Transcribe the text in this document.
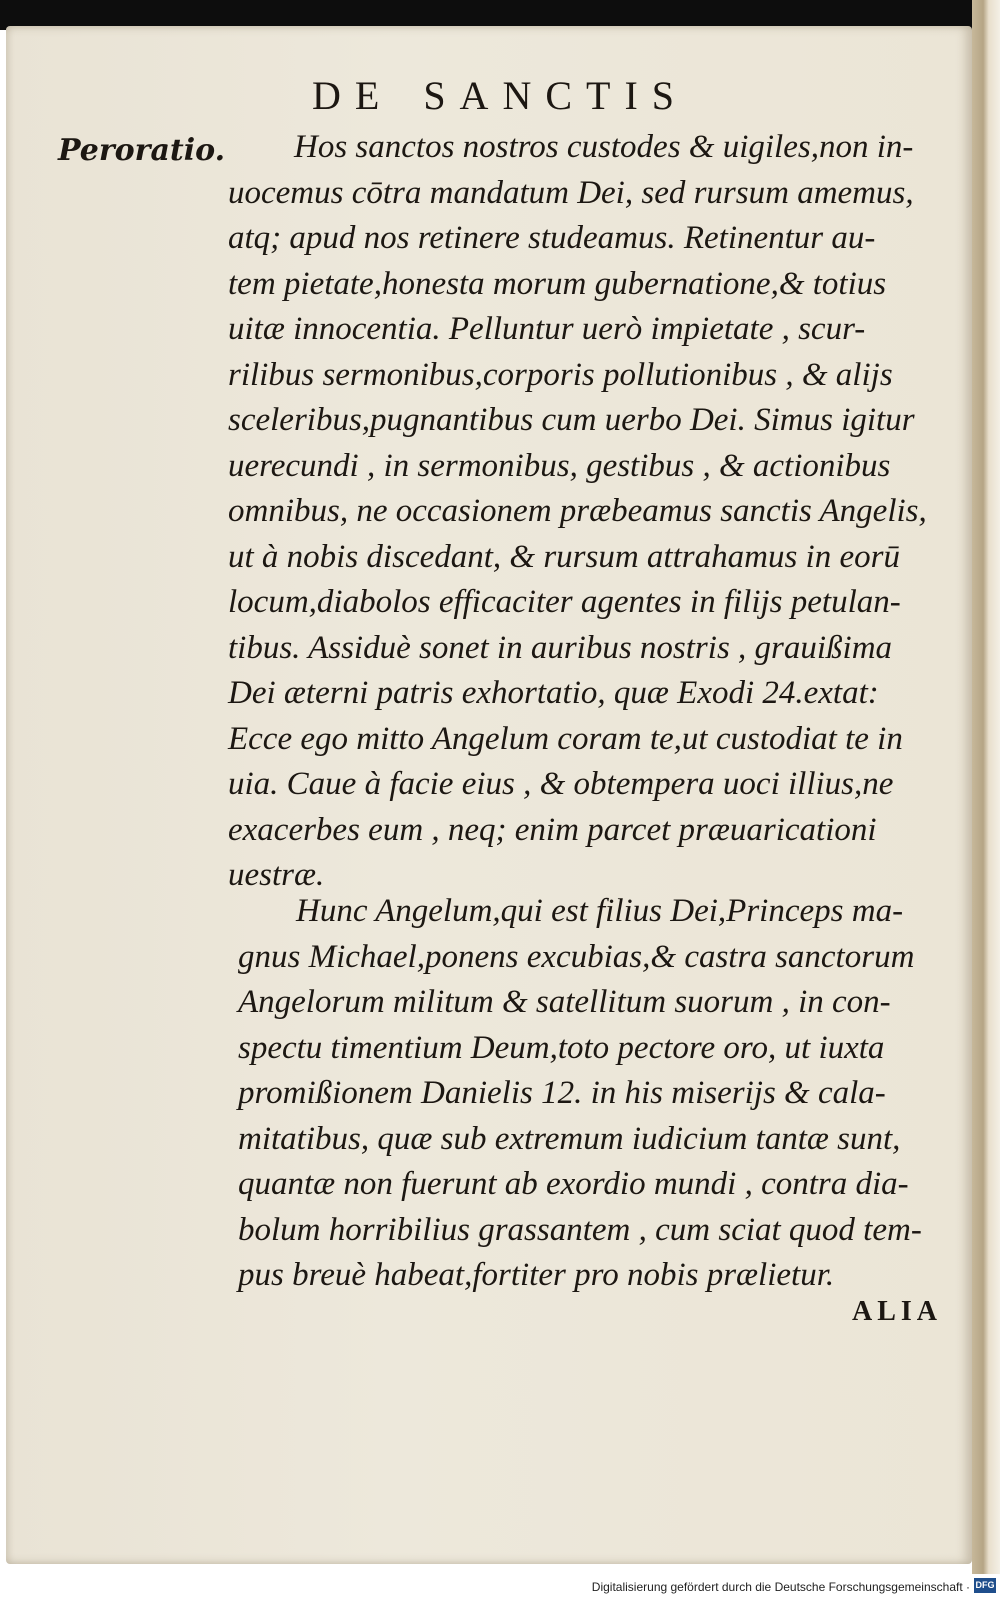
DE SANCTIS
Peroratio.	Hos sanctos nostros custodes & uigiles,non in-
uocemus cōtra mandatum Dei, sed rursum amemus,
atq; apud nos retinere studeamus. Retinentur au-
tem pietate,honesta morum gubernatione,& totius
uitæ innocentia. Pelluntur uerò impietate , scur-
rilibus sermonibus,corporis pollutionibus , & alijs
sceleribus,pugnantibus cum uerbo Dei. Simus igitur
uerecundi , in sermonibus, gestibus , & actionibus
omnibus, ne occasionem præbeamus sanctis Angelis,
ut à nobis discedant, & rursum attrahamus in eorū
locum,diabolos efficaciter agentes in filijs petulan-
tibus. Assiduè sonet in auribus nostris , grauißima
Dei æterni patris exhortatio, quæ Exodi 24.extat:
Ecce ego mitto Angelum coram te,ut custodiat te in
uia. Caue à facie eius , & obtempera uoci illius,ne
exacerbes eum , neq; enim parcet præuaricationi
uestræ.
Hunc Angelum,qui est filius Dei,Princeps ma-
gnus Michael,ponens excubias,& castra sanctorum
Angelorum militum & satellitum suorum , in con-
spectu timentium Deum,toto pectore oro, ut iuxta
promißionem Danielis 12. in his miserijs & cala-
mitatibus, quæ sub extremum iudicium tantæ sunt,
quantæ non fuerunt ab exordio mundi , contra dia-
bolum horribilius grassantem , cum sciat quod tem-
pus breuè habeat,fortiter pro nobis prælietur.
ALIA
Digitalisierung gefördert durch die Deutsche Forschungsgemeinschaft · DFG
